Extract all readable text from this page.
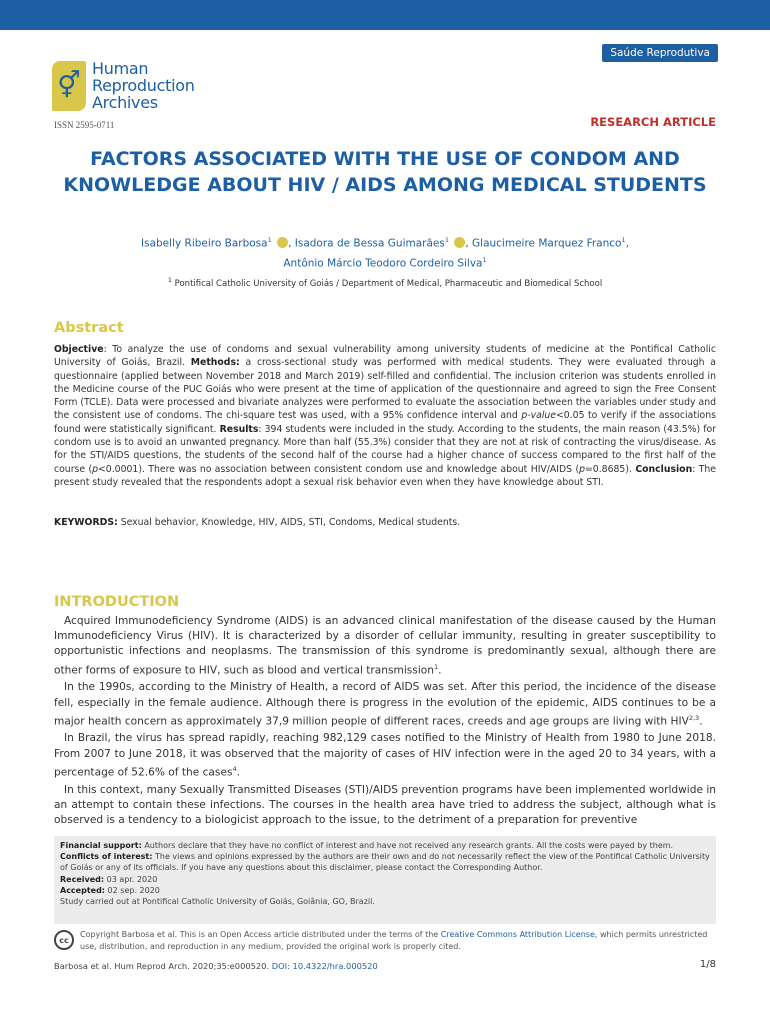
Saúde Reprodutiva
⚥
Human
Reproduction
Archives
ISSN 2595-0711	RESEARCH ARTICLE
FACTORS ASSOCIATED WITH THE USE OF CONDOM AND KNOWLEDGE ABOUT HIV / AIDS AMONG MEDICAL STUDENTS
Isabelly Ribeiro Barbosa$^1$ , Isadora de Bessa Guimarães$^1$ , Glaucimeire Marquez Franco$^1$,
Antônio Márcio Teodoro Cordeiro Silva$^1$
$^1$ Pontifical Catholic University of Goiás / Department of Medical, Pharmaceutic and Biomedical School
Abstract

Objective: To analyze the use of condoms and sexual vulnerability among university students of medicine at the Pontifical Catholic University of Goiás, Brazil. Methods: a cross-sectional study was performed with medical students. They were evaluated through a questionnaire (applied between November 2018 and March 2019) self-filled and confidential. The inclusion criterion was students enrolled in the Medicine course of the PUC Goiás who were present at the time of application of the questionnaire and agreed to sign the Free Consent Form (TCLE). Data were processed and bivariate analyzes were performed to evaluate the association between the variables under study and the consistent use of condoms. The chi-square test was used, with a 95% confidence interval and p-value<0.05 to verify if the associations found were statistically significant. Results: 394 students were included in the study. According to the students, the main reason (43.5%) for condom use is to avoid an unwanted pregnancy. More than half (55.3%) consider that they are not at risk of contracting the virus/disease. As for the STI/AIDS questions, the students of the second half of the course had a higher chance of success compared to the first half of the course (p<0.0001). There was no association between consistent condom use and knowledge about HIV/AIDS (p=0.8685). Conclusion: The present study revealed that the respondents adopt a sexual risk behavior even when they have knowledge about STI.

KEYWORDS: Sexual behavior, Knowledge, HIV, AIDS, STI, Condoms, Medical students.

INTRODUCTION

Acquired Immunodeficiency Syndrome (AIDS) is an advanced clinical manifestation of the disease caused by the Human Immunodeficiency Virus (HIV). It is characterized by a disorder of cellular immunity, resulting in greater susceptibility to opportunistic infections and neoplasms. The transmission of this syndrome is predominantly sexual, although there are other forms of exposure to HIV, such as blood and vertical transmission$^1$.

In the 1990s, according to the Ministry of Health, a record of AIDS was set. After this period, the incidence of the disease fell, especially in the female audience. Although there is progress in the evolution of the epidemic, AIDS continues to be a major health concern as approximately 37,9 million people of different races, creeds and age groups are living with HIV$^{2,3}$.

In Brazil, the virus has spread rapidly, reaching 982,129 cases notified to the Ministry of Health from 1980 to June 2018. From 2007 to June 2018, it was observed that the majority of cases of HIV infection were in the aged 20 to 34 years, with a percentage of 52.6% of the cases$^4$.

In this context, many Sexually Transmitted Diseases (STI)/AIDS prevention programs have been implemented worldwide in an attempt to contain these infections. The courses in the health area have tried to address the subject, although what is observed is a tendency to a biologicist approach to the issue, to the detriment of a preparation for preventive

Financial support: Authors declare that they have no conflict of interest and have not received any research grants. All the costs were payed by them.
Conflicts of interest: The views and opinions expressed by the authors are their own and do not necessarily reflect the view of the Pontifical Catholic University of Goiás or any of its officials. If you have any questions about this disclaimer, please contact the Corresponding Author.
Received: 03 apr. 2020
Accepted: 02 sep. 2020
Study carried out at Pontifical Catholic University of Goiás, Goiânia, GO, Brazil.
cc
Copyright Barbosa et al. This is an Open Access article distributed under the terms of the Creative Commons Attribution License, which permits unrestricted use, distribution, and reproduction in any medium, provided the original work is properly cited.
Barbosa et al. Hum Reprod Arch. 2020;35:e000520. DOI: 10.4322/hra.000520	1/8
